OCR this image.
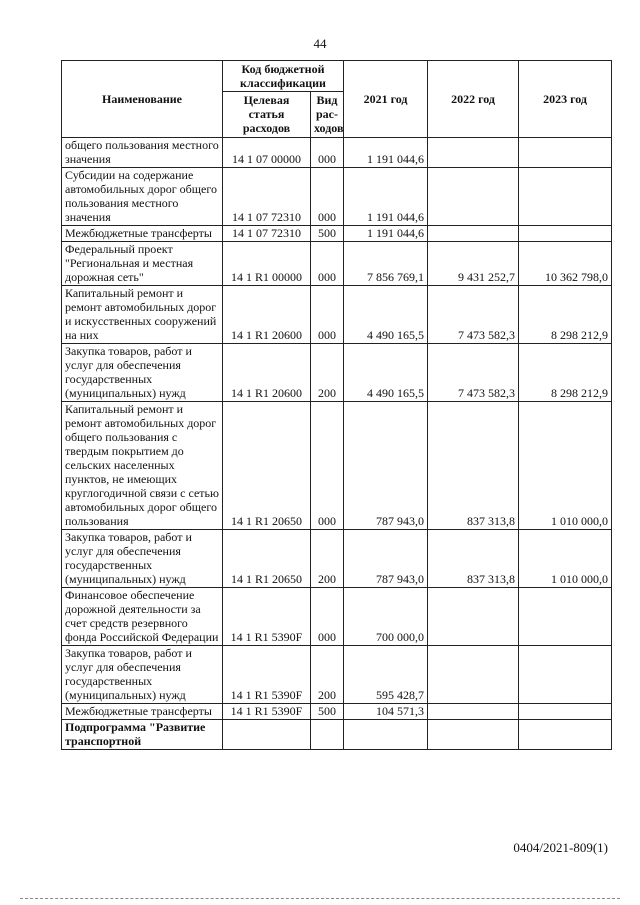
44
Наименование	Код бюджетной классификации		2021 год	2022 год	2023 год
	Целевая статья расходов	Вид рас-ходов			
общего пользования местного значения	14 1 07 00000	000	1 191 044,6		
Субсидии на содержание автомобильных дорог общего пользования местного значения	14 1 07 72310	000	1 191 044,6		
Межбюджетные трансферты	14 1 07 72310	500	1 191 044,6		
Федеральный проект "Региональная и местная дорожная сеть"	14 1 R1 00000	000	7 856 769,1	9 431 252,7	10 362 798,0
Капитальный ремонт и ремонт автомобильных дорог и искусственных сооружений на них	14 1 R1 20600	000	4 490 165,5	7 473 582,3	8 298 212,9
Закупка товаров, работ и услуг для обеспечения государственных (муниципальных) нужд	14 1 R1 20600	200	4 490 165,5	7 473 582,3	8 298 212,9
Капитальный ремонт и ремонт автомобильных дорог общего пользования с твердым покрытием до сельских населенных пунктов, не имеющих круглогодичной связи с сетью автомобильных дорог общего пользования	14 1 R1 20650	000	787 943,0	837 313,8	1 010 000,0
Закупка товаров, работ и услуг для обеспечения государственных (муниципальных) нужд	14 1 R1 20650	200	787 943,0	837 313,8	1 010 000,0
Финансовое обеспечение дорожной деятельности за счет средств резервного фонда Российской Федерации	14 1 R1 5390F	000	700 000,0		
Закупка товаров, работ и услуг для обеспечения государственных (муниципальных) нужд	14 1 R1 5390F	200	595 428,7		
Межбюджетные трансферты	14 1 R1 5390F	500	104 571,3		
Подпрограмма "Развитие транспортной					
0404/2021-809(1)
